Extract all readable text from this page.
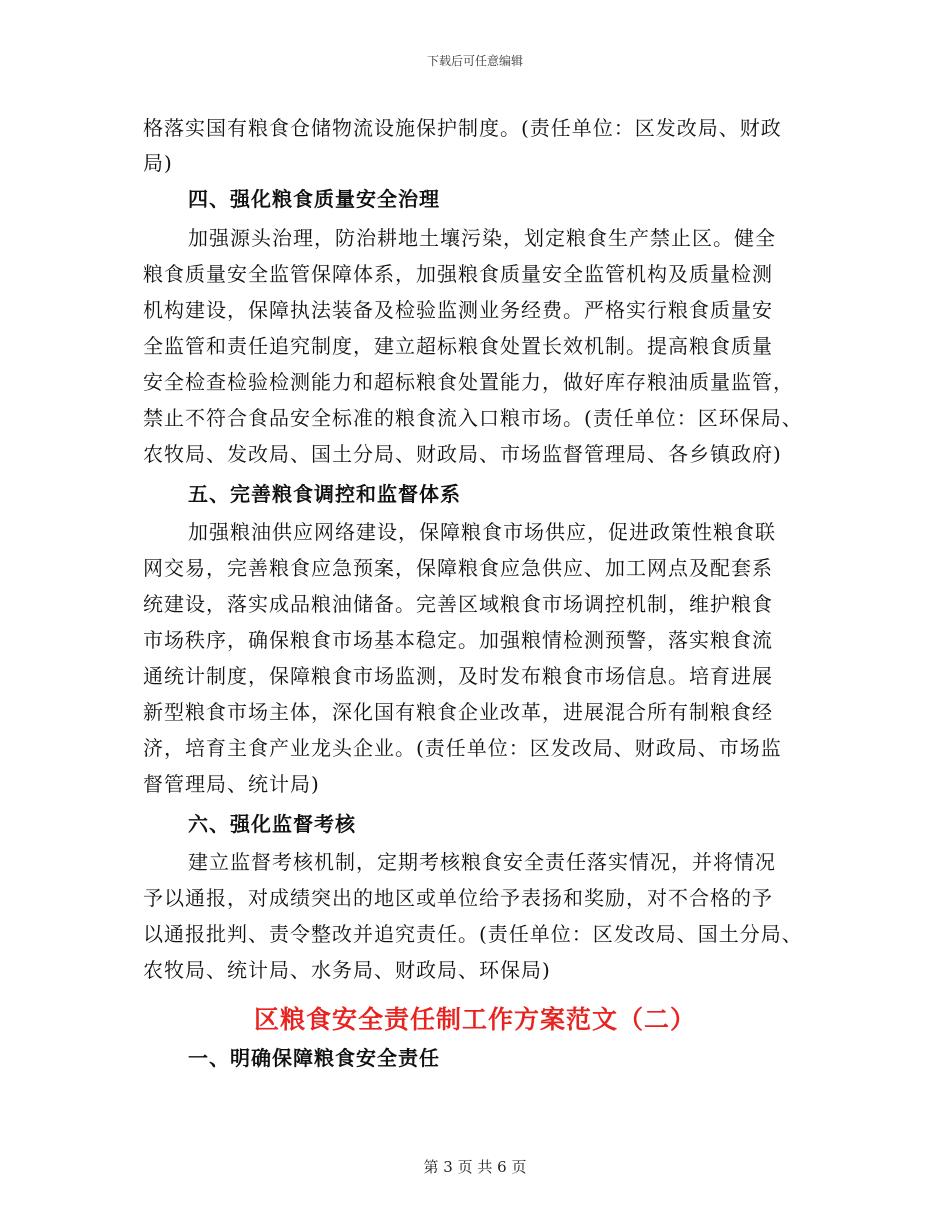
下载后可任意编辑
格落实国有粮食仓储物流设施保护制度。(责任单位：区发改局、财政
局)
四、强化粮食质量安全治理
加强源头治理，防治耕地土壤污染，划定粮食生产禁止区。健全
粮食质量安全监管保障体系，加强粮食质量安全监管机构及质量检测
机构建设，保障执法装备及检验监测业务经费。严格实行粮食质量安
全监管和责任追究制度，建立超标粮食处置长效机制。提高粮食质量
安全检查检验检测能力和超标粮食处置能力，做好库存粮油质量监管，
禁止不符合食品安全标准的粮食流入口粮市场。(责任单位：区环保局、
农牧局、发改局、国土分局、财政局、市场监督管理局、各乡镇政府)
五、完善粮食调控和监督体系
加强粮油供应网络建设，保障粮食市场供应，促进政策性粮食联
网交易，完善粮食应急预案，保障粮食应急供应、加工网点及配套系
统建设，落实成品粮油储备。完善区域粮食市场调控机制，维护粮食
市场秩序，确保粮食市场基本稳定。加强粮情检测预警，落实粮食流
通统计制度，保障粮食市场监测，及时发布粮食市场信息。培育进展
新型粮食市场主体，深化国有粮食企业改革，进展混合所有制粮食经
济，培育主食产业龙头企业。(责任单位：区发改局、财政局、市场监
督管理局、统计局)
六、强化监督考核
建立监督考核机制，定期考核粮食安全责任落实情况，并将情况
予以通报，对成绩突出的地区或单位给予表扬和奖励，对不合格的予
以通报批判、责令整改并追究责任。(责任单位：区发改局、国土分局、
农牧局、统计局、水务局、财政局、环保局)
区粮食安全责任制工作方案范文（二）
一、明确保障粮食安全责任
第 3 页 共 6 页
